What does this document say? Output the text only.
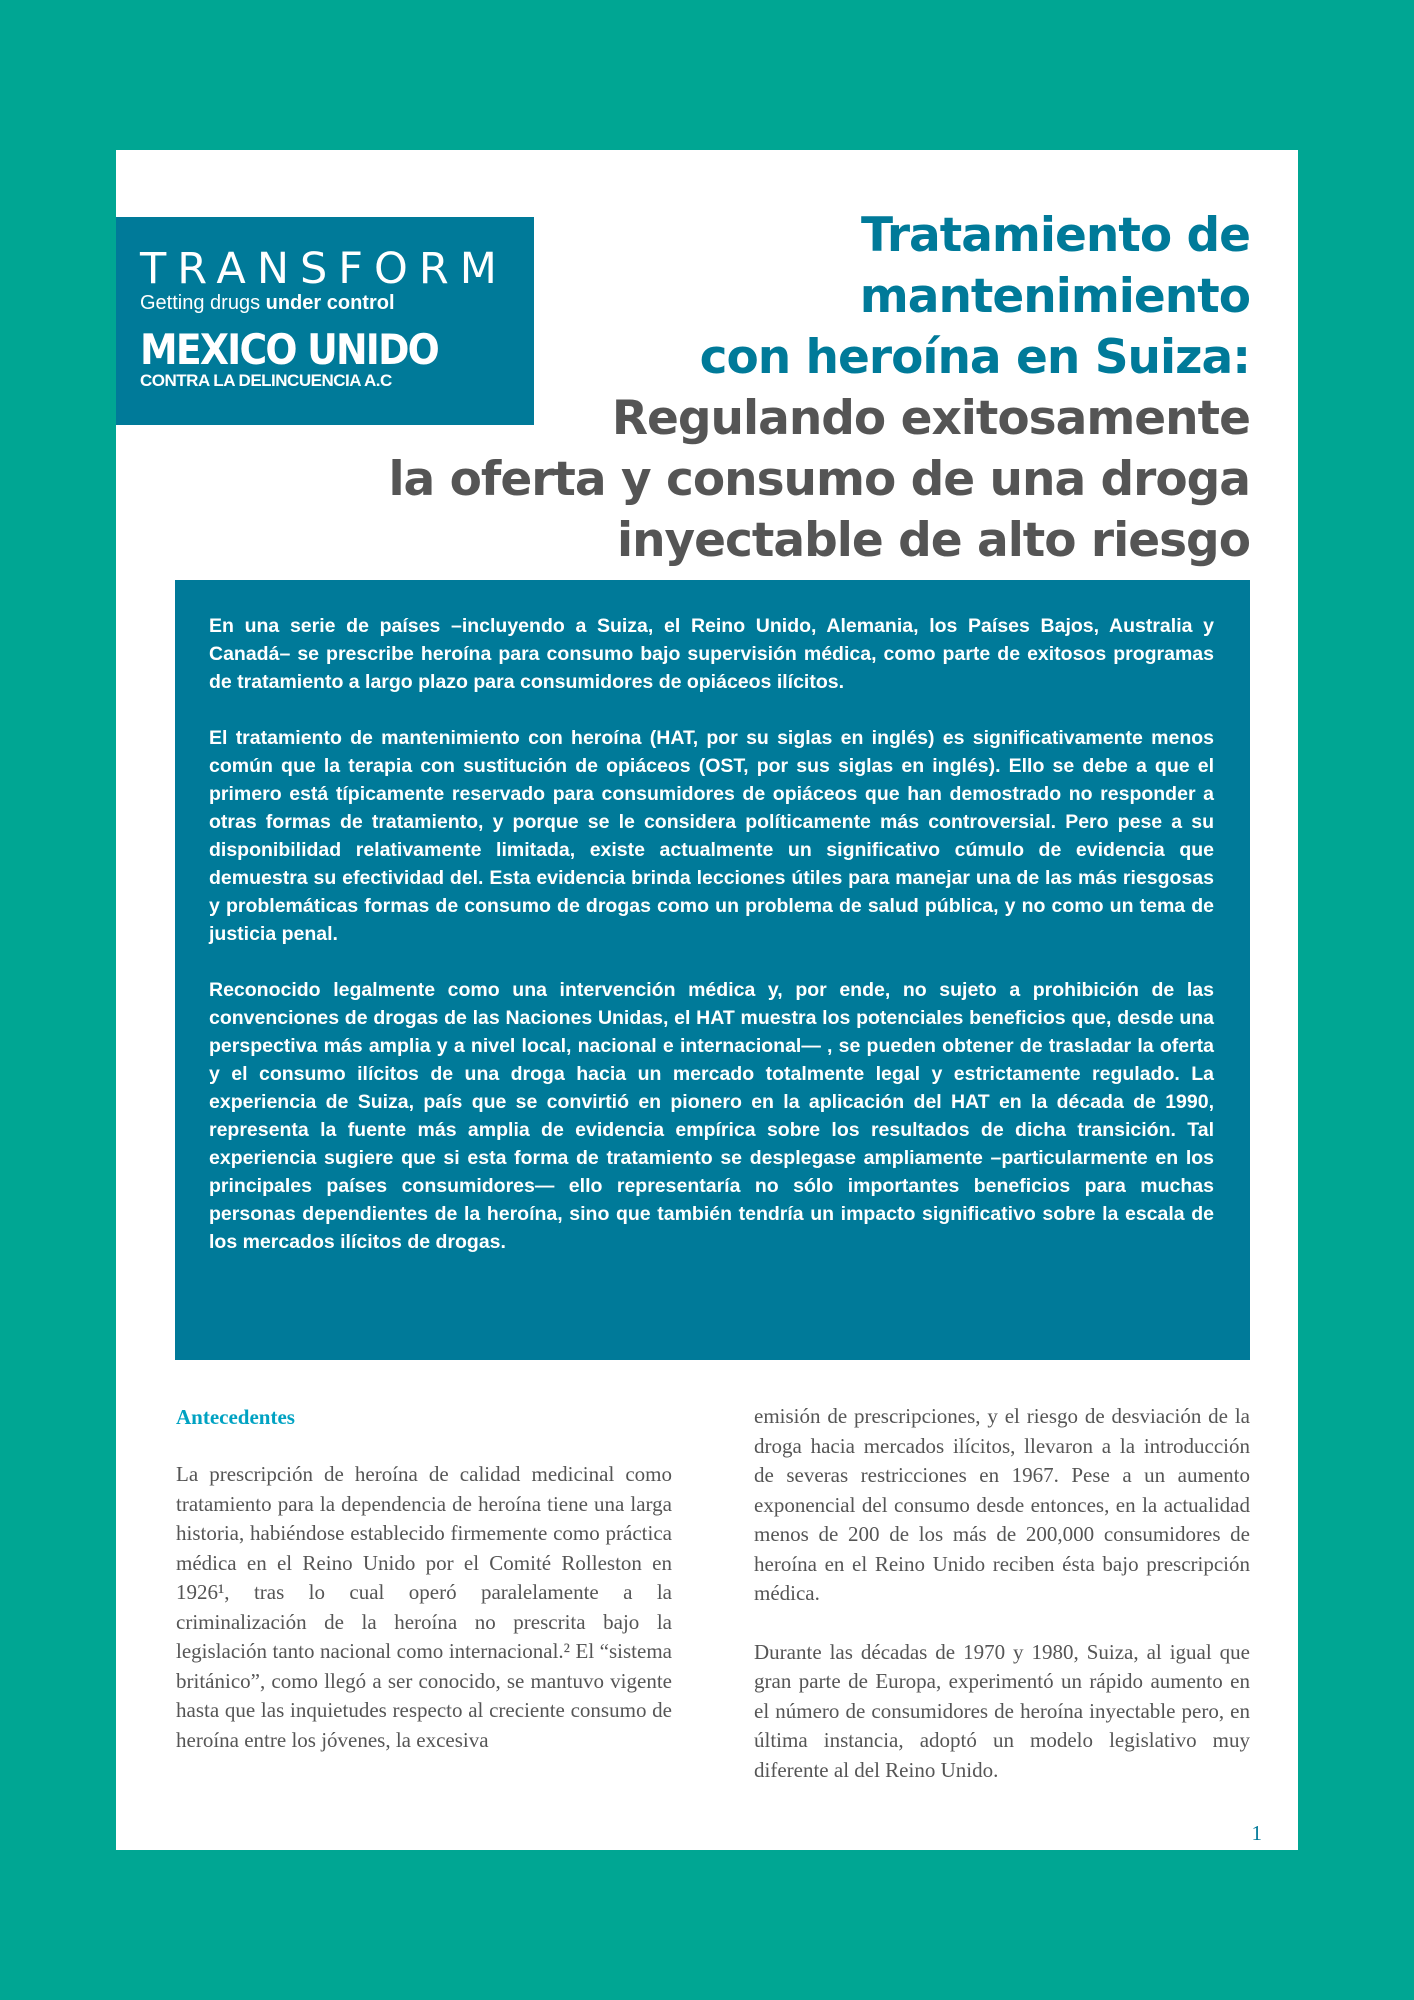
TRANSFORM
Getting drugs under control
MEXICO UNIDO
CONTRA LA DELINCUENCIA A.C
Tratamiento de
mantenimiento
con heroína en Suiza:
Regulando exitosamente
la oferta y consumo de una droga
inyectable de alto riesgo

En una serie de países –incluyendo a Suiza, el Reino Unido, Alemania, los Países Bajos, Australia y Canadá– se prescribe heroína para consumo bajo supervisión médica, como parte de exitosos programas de tratamiento a largo plazo para consumidores de opiáceos ilícitos.

El tratamiento de mantenimiento con heroína (HAT, por su siglas en inglés) es significativamente menos común que la terapia con sustitución de opiáceos (OST, por sus siglas en inglés). Ello se debe a que el primero está típicamente reservado para consumidores de opiáceos que han demostrado no responder a otras formas de tratamiento, y porque se le considera políticamente más controversial. Pero pese a su disponibilidad relativamente limitada, existe actualmente un significativo cúmulo de evidencia que demuestra su efectividad del. Esta evidencia brinda lecciones útiles para manejar una de las más riesgosas y problemáticas formas de consumo de drogas como un problema de salud pública, y no como un tema de justicia penal.

Reconocido legalmente como una intervención médica y, por ende, no sujeto a prohibición de las convenciones de drogas de las Naciones Unidas, el HAT muestra los potenciales beneficios que, desde una perspectiva más amplia y a nivel local, nacional e internacional— , se pueden obtener de trasladar la oferta y el consumo ilícitos de una droga hacia un mercado totalmente legal y estrictamente regulado. La experiencia de Suiza, país que se convirtió en pionero en la aplicación del HAT en la década de 1990, representa la fuente más amplia de evidencia empírica sobre los resultados de dicha transición. Tal experiencia sugiere que si esta forma de tratamiento se desplegase ampliamente –particularmente en los principales países consumidores— ello representaría no sólo importantes beneficios para muchas personas dependientes de la heroína, sino que también tendría un impacto significativo sobre la escala de los mercados ilícitos de drogas.

Antecedentes

La prescripción de heroína de calidad medicinal como tratamiento para la dependencia de heroína tiene una larga historia, habiéndose establecido firmemente como práctica médica en el Reino Unido por el Comité Rolleston en 1926¹, tras lo cual operó paralelamente a la criminalización de la heroína no prescrita bajo la legislación tanto nacional como internacional.² El “sistema británico”, como llegó a ser conocido, se mantuvo vigente hasta que las inquietudes respecto al creciente consumo de heroína entre los jóvenes, la excesiva

emisión de prescripciones, y el riesgo de desviación de la droga hacia mercados ilícitos, llevaron a la introducción de severas restricciones en 1967. Pese a un aumento exponencial del consumo desde entonces, en la actualidad menos de 200 de los más de 200,000 consumidores de heroína en el Reino Unido reciben ésta bajo prescripción médica.

Durante las décadas de 1970 y 1980, Suiza, al igual que gran parte de Europa, experimentó un rápido aumento en el número de consumidores de heroína inyectable pero, en última instancia, adoptó un modelo legislativo muy diferente al del Reino Unido.

1
